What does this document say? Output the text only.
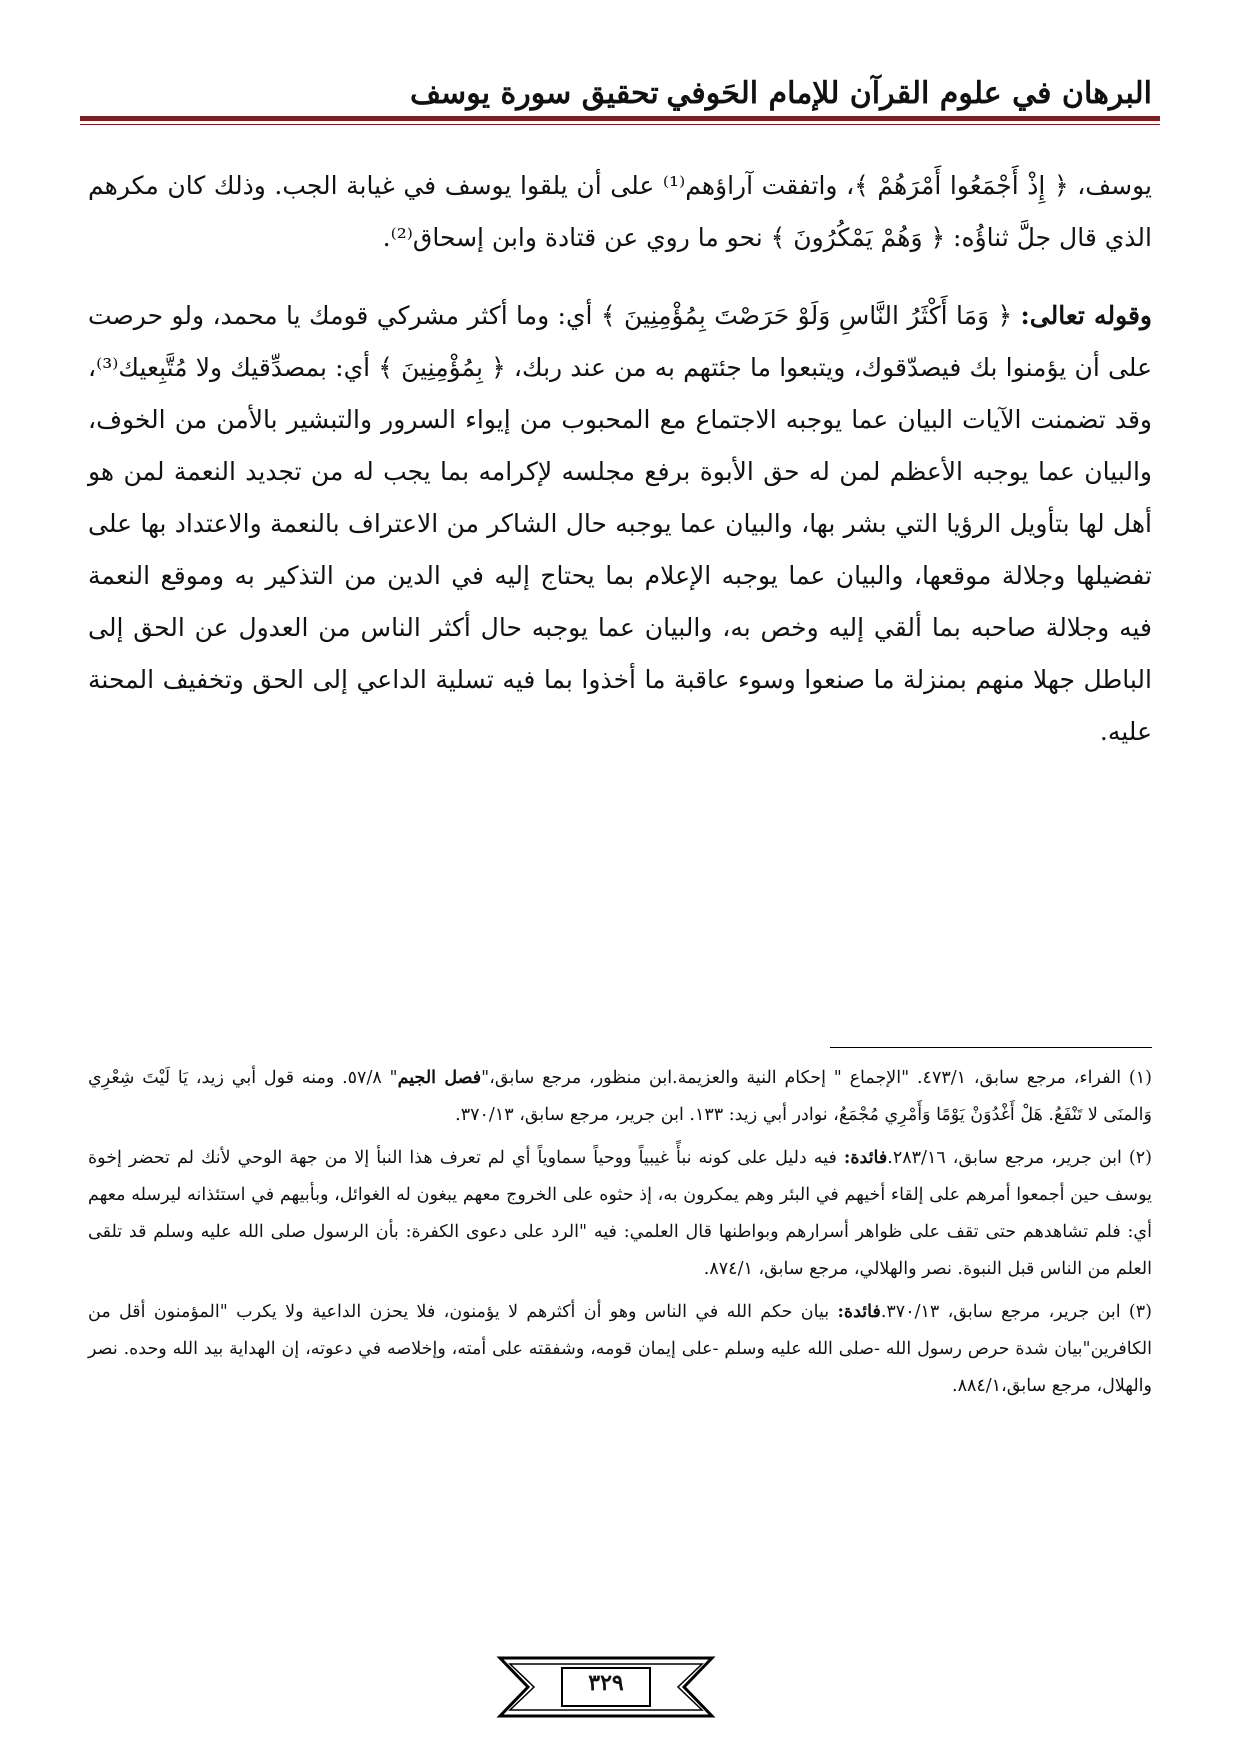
البرهان في علوم القرآن للإمام الحَوفي
تحقيق سورة يوسف

يوسف، ﴿ إِذْ أَجْمَعُوا أَمْرَهُمْ ﴾، واتفقت آراؤهم⁽¹⁾ على أن يلقوا يوسف في غيابة الجب. وذلك كان مكرهم الذي قال جلَّ ثناؤُه: ﴿ وَهُمْ يَمْكُرُونَ ﴾ نحو ما روي عن قتادة وابن إسحاق⁽²⁾.

وقوله تعالى: ﴿ وَمَا أَكْثَرُ النَّاسِ وَلَوْ حَرَصْتَ بِمُؤْمِنِينَ ﴾ أي: وما أكثر مشركي قومك يا محمد، ولو حرصت على أن يؤمنوا بك فيصدّقوك، ويتبعوا ما جئتهم به من عند ربك، ﴿ بِمُؤْمِنِينَ ﴾ أي: بمصدِّقيك ولا مُتَّبِعيك⁽³⁾، وقد تضمنت الآيات البيان عما يوجبه الاجتماع مع المحبوب من إيواء السرور والتبشير بالأمن من الخوف، والبيان عما يوجبه الأعظم لمن له حق الأبوة برفع مجلسه لإكرامه بما يجب له من تجديد النعمة لمن هو أهل لها بتأويل الرؤيا التي بشر بها، والبيان عما يوجبه حال الشاكر من الاعتراف بالنعمة والاعتداد بها على تفضيلها وجلالة موقعها، والبيان عما يوجبه الإعلام بما يحتاج إليه في الدين من التذكير به وموقع النعمة فيه وجلالة صاحبه بما ألقي إليه وخص به، والبيان عما يوجبه حال أكثر الناس من العدول عن الحق إلى الباطل جهلا منهم بمنزلة ما صنعوا وسوء عاقبة ما أخذوا بما فيه تسلية الداعي إلى الحق وتخفيف المحنة عليه.

(١) الفراء، مرجع سابق، ٤٧٣/١. "الإجماع " إحكام النية والعزيمة.ابن منظور، مرجع سابق،"فصل الجيم" ٥٧/٨. ومنه قول أبي زيد، يَا لَيْتَ شِعْرِي وَالمنَى لا تَنْفَعُ. هَلْ أَغْدُوَنْ يَوْمًا وَأَمْرِي مُجْمَعُ، نوادر أبي زيد: ١٣٣. ابن جرير، مرجع سابق، ٣٧٠/١٣.

(٢) ابن جرير، مرجع سابق، ٢٨٣/١٦.فائدة: فيه دليل على كونه نبأً غيبياً ووحياً سماوياً أي لم تعرف هذا النبأ إلا من جهة الوحي لأنك لم تحضر إخوة يوسف حين أجمعوا أمرهم على إلقاء أخيهم في البئر وهم يمكرون به، إذ حثوه على الخروج معهم يبغون له الغوائل، وبأبيهم في استئذانه ليرسله معهم أي: فلم تشاهدهم حتى تقف على ظواهر أسرارهم وبواطنها قال العلمي: فيه "الرد على دعوى الكفرة: بأن الرسول صلى الله عليه وسلم قد تلقى العلم من الناس قبل النبوة. نصر والهلالي، مرجع سابق، ٨٧٤/١.

(٣) ابن جرير، مرجع سابق، ٣٧٠/١٣.فائدة: بيان حكم الله في الناس وهو أن أكثرهم لا يؤمنون، فلا يحزن الداعية ولا يكرب "المؤمنون أقل من الكافرين"بيان شدة حرص رسول الله -صلى الله عليه وسلم -على إيمان قومه، وشفقته على أمته، وإخلاصه في دعوته، إن الهداية بيد الله وحده. نصر والهلال، مرجع سابق،٨٨٤/١.

٣٢٩
